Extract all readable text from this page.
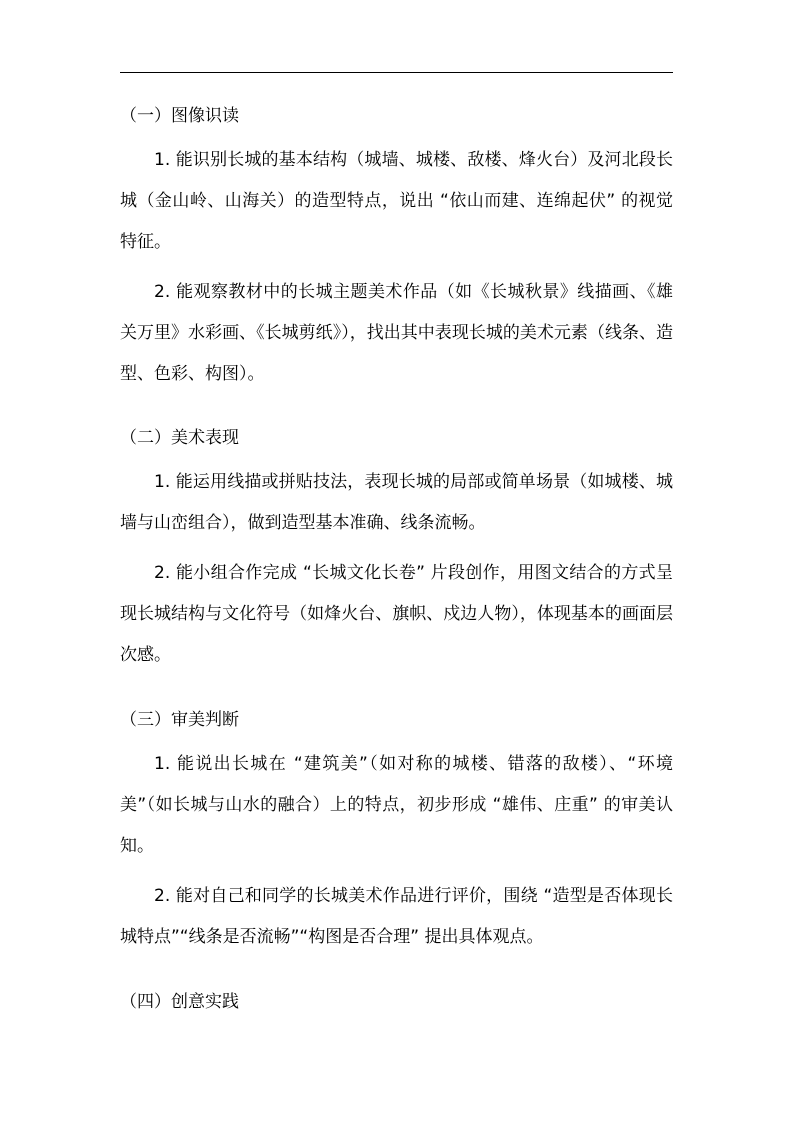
（一）图像识读

1. 能识别长城的基本结构（城墙、城楼、敌楼、烽火台）及河北段长城（金山岭、山海关）的造型特点，说出 “依山而建、连绵起伏” 的视觉特征。

2. 能观察教材中的长城主题美术作品（如《长城秋景》线描画、《雄关万里》水彩画、《长城剪纸》），找出其中表现长城的美术元素（线条、造型、色彩、构图）。

（二）美术表现

1. 能运用线描或拼贴技法，表现长城的局部或简单场景（如城楼、城墙与山峦组合），做到造型基本准确、线条流畅。

2. 能小组合作完成 “长城文化长卷” 片段创作，用图文结合的方式呈现长城结构与文化符号（如烽火台、旗帜、戍边人物），体现基本的画面层次感。

（三）审美判断

1. 能说出长城在 “建筑美”（如对称的城楼、错落的敌楼）、“环境美”（如长城与山水的融合）上的特点，初步形成 “雄伟、庄重” 的审美认知。

2. 能对自己和同学的长城美术作品进行评价，围绕 “造型是否体现长城特点”“线条是否流畅”“构图是否合理” 提出具体观点。

（四）创意实践
